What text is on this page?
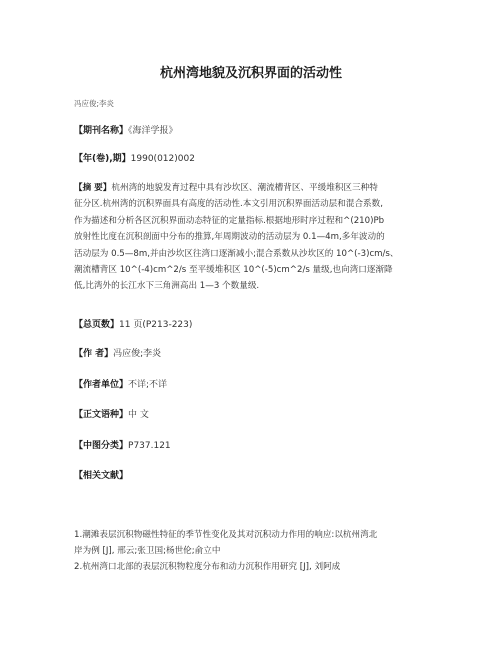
杭州湾地貌及沉积界面的活动性
冯应俊;李炎
【期刊名称】《海洋学报》
【年(卷),期】1990(012)002
【摘 要】杭州湾的地貌发育过程中具有沙坎区、潮流槽背区、平缓堆积区三种特
征分区.杭州湾的沉积界面具有高度的活动性.本文引用沉积界面活动层和混合系数,
作为描述和分析各区沉积界面动态特征的定量指标.根据地形时序过程和^(210)Pb
放射性比度在沉积剖面中分布的推算,年周期波动的活动层为 0.1—4m,多年波动的
活动层为 0.5—8m,并由沙坎区往湾口逐渐减小;混合系数从沙坎区的 10^(-3)cm/s、
潮流槽背区 10^(-4)cm^2/s 至平缓堆积区 10^(-5)cm^2/s 量级,也向湾口逐渐降
低,比湾外的长江水下三角洲高出 1—3 个数量级.
【总页数】11 页(P213-223)
【作 者】冯应俊;李炎
【作者单位】不详;不详
【正文语种】中 文
【中图分类】P737.121
【相关文献】
1.潮滩表层沉积物磁性特征的季节性变化及其对沉积动力作用的响应:以杭州湾北
岸为例 [J], 邢云;张卫国;杨世伦;俞立中
2.杭州湾口北部的表层沉积物粒度分布和动力沉积作用研究 [J], 刘阿成
